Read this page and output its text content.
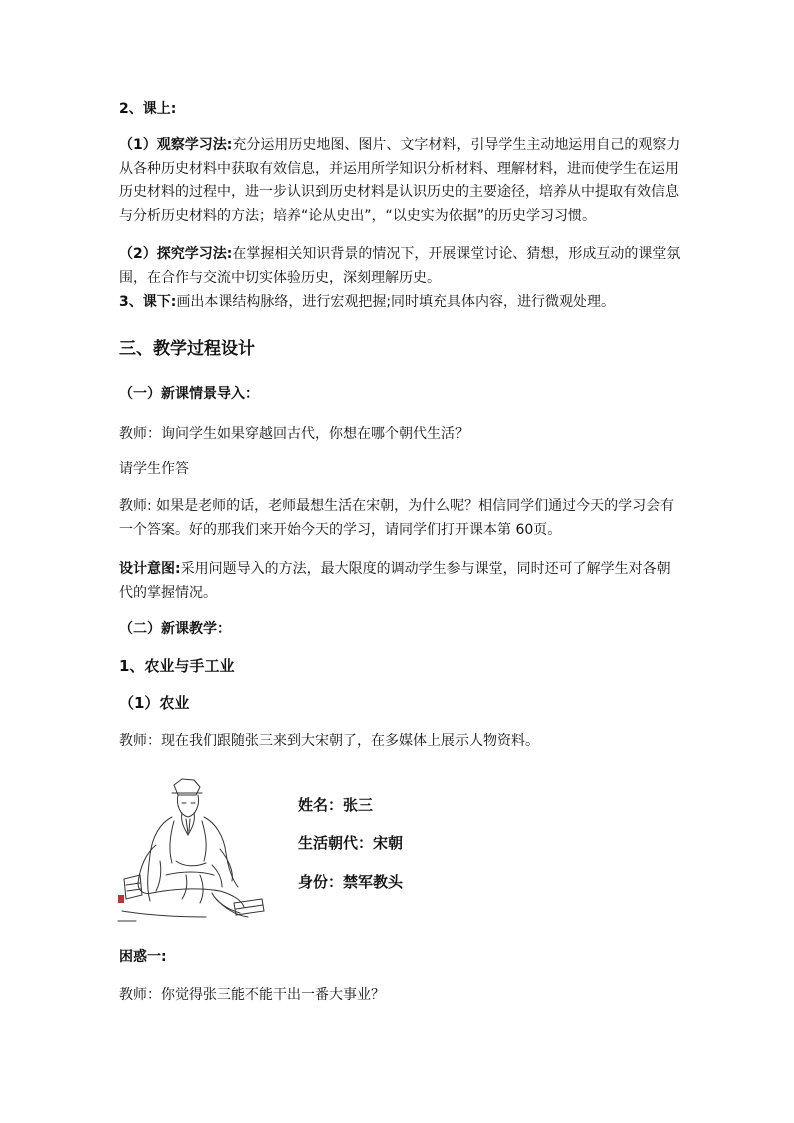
2、课上:
（1）观察学习法:充分运用历史地图、图片、文字材料，引导学生主动地运用自己的观察力从各种历史材料中获取有效信息，并运用所学知识分析材料、理解材料，进而使学生在运用历史材料的过程中，进一步认识到历史材料是认识历史的主要途径，培养从中提取有效信息与分析历史材料的方法；培养“论从史出”，“以史实为依据”的历史学习习惯。
（2）探究学习法:在掌握相关知识背景的情况下，开展课堂讨论、猜想，形成互动的课堂氛围，在合作与交流中切实体验历史，深刻理解历史。
3、课下:画出本课结构脉络，进行宏观把握;同时填充具体内容，进行微观处理。
三、教学过程设计
（一）新课情景导入：
教师：询问学生如果穿越回古代，你想在哪个朝代生活？
请学生作答
教师: 如果是老师的话，老师最想生活在宋朝，为什么呢？相信同学们通过今天的学习会有一个答案。好的那我们来开始今天的学习，请同学们打开课本第 60页。
设计意图:采用问题导入的方法，最大限度的调动学生参与课堂，同时还可了解学生对各朝代的掌握情况。
（二）新课教学：
1、农业与手工业
（1）农业
教师：现在我们跟随张三来到大宋朝了，在多媒体上展示人物资料。
姓名：张三
生活朝代：宋朝
身份：禁军教头
困惑一:
教师：你觉得张三能不能干出一番大事业？
